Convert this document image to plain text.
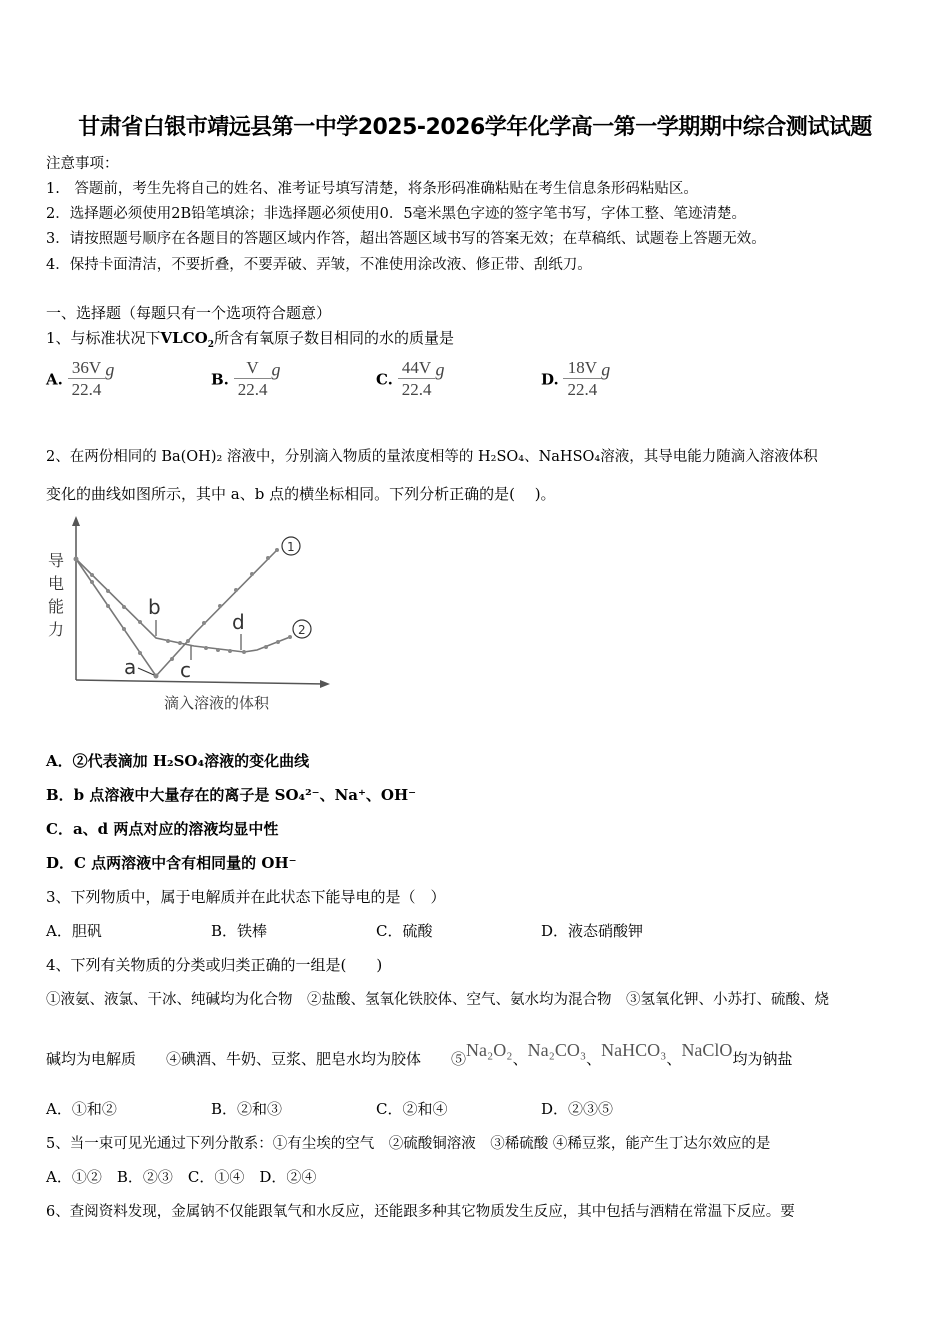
甘肃省白银市靖远县第一中学2025-2026学年化学高一第一学期期中综合测试试题
注意事项：
1.　答题前，考生先将自己的姓名、准考证号填写清楚，将条形码准确粘贴在考生信息条形码粘贴区。
2．选择题必须使用2B铅笔填涂；非选择题必须使用0．5毫米黑色字迹的签字笔书写，字体工整、笔迹清楚。
3．请按照题号顺序在各题目的答题区域内作答，超出答题区域书写的答案无效；在草稿纸、试题卷上答题无效。
4．保持卡面清洁，不要折叠，不要弄破、弄皱，不准使用涂改液、修正带、刮纸刀。
一、选择题（每题只有一个选项符合题意）
1、与标准状况下$VLCO_2$所含有氧原子数目相同的水的质量是
A. $\frac{36V}{22.4}$ g	B. $\frac{V}{22.4}$ g	C. $\frac{44V}{22.4}$ g	D. $\frac{18V}{22.4}$ g
2、在两份相同的 Ba(OH)₂ 溶液中，分别滴入物质的量浓度相等的 H₂SO₄、NaHSO₄溶液，其导电能力随滴入溶液体积
变化的曲线如图所示，其中 a、b 点的横坐标相同。下列分析正确的是(　 )。
导
电
能
力
b
a c
d
1
2
滴入溶液的体积
A．②代表滴加 H₂SO₄溶液的变化曲线
B．b 点溶液中大量存在的离子是 SO₄²⁻、Na⁺、OH⁻
C．a、d 两点对应的溶液均显中性
D．C 点两溶液中含有相同量的 OH⁻
3、下列物质中，属于电解质并在此状态下能导电的是（　）
A．胆矾	B．铁棒	C．硫酸	D．液态硝酸钾
4、下列有关物质的分类或归类正确的一组是(　　)
①液氨、液氯、干冰、纯碱均为化合物　②盐酸、氢氧化铁胶体、空气、氨水均为混合物　③氢氧化钾、小苏打、硫酸、烧
碱均为电解质　　④碘酒、牛奶、豆浆、肥皂水均为胶体　　⑤Na₂O₂、Na₂CO₃、NaHCO₃、NaClO均为钠盐
A．①和②	B．②和③	C．②和④	D．②③⑤
5、当一束可见光通过下列分散系：①有尘埃的空气　②硫酸铜溶液　③稀硫酸 ④稀豆浆，能产生丁达尔效应的是
A．①②　B．②③　C．①④　D．②④
6、查阅资料发现，金属钠不仅能跟氧气和水反应，还能跟多种其它物质发生反应，其中包括与酒精在常温下反应。要
